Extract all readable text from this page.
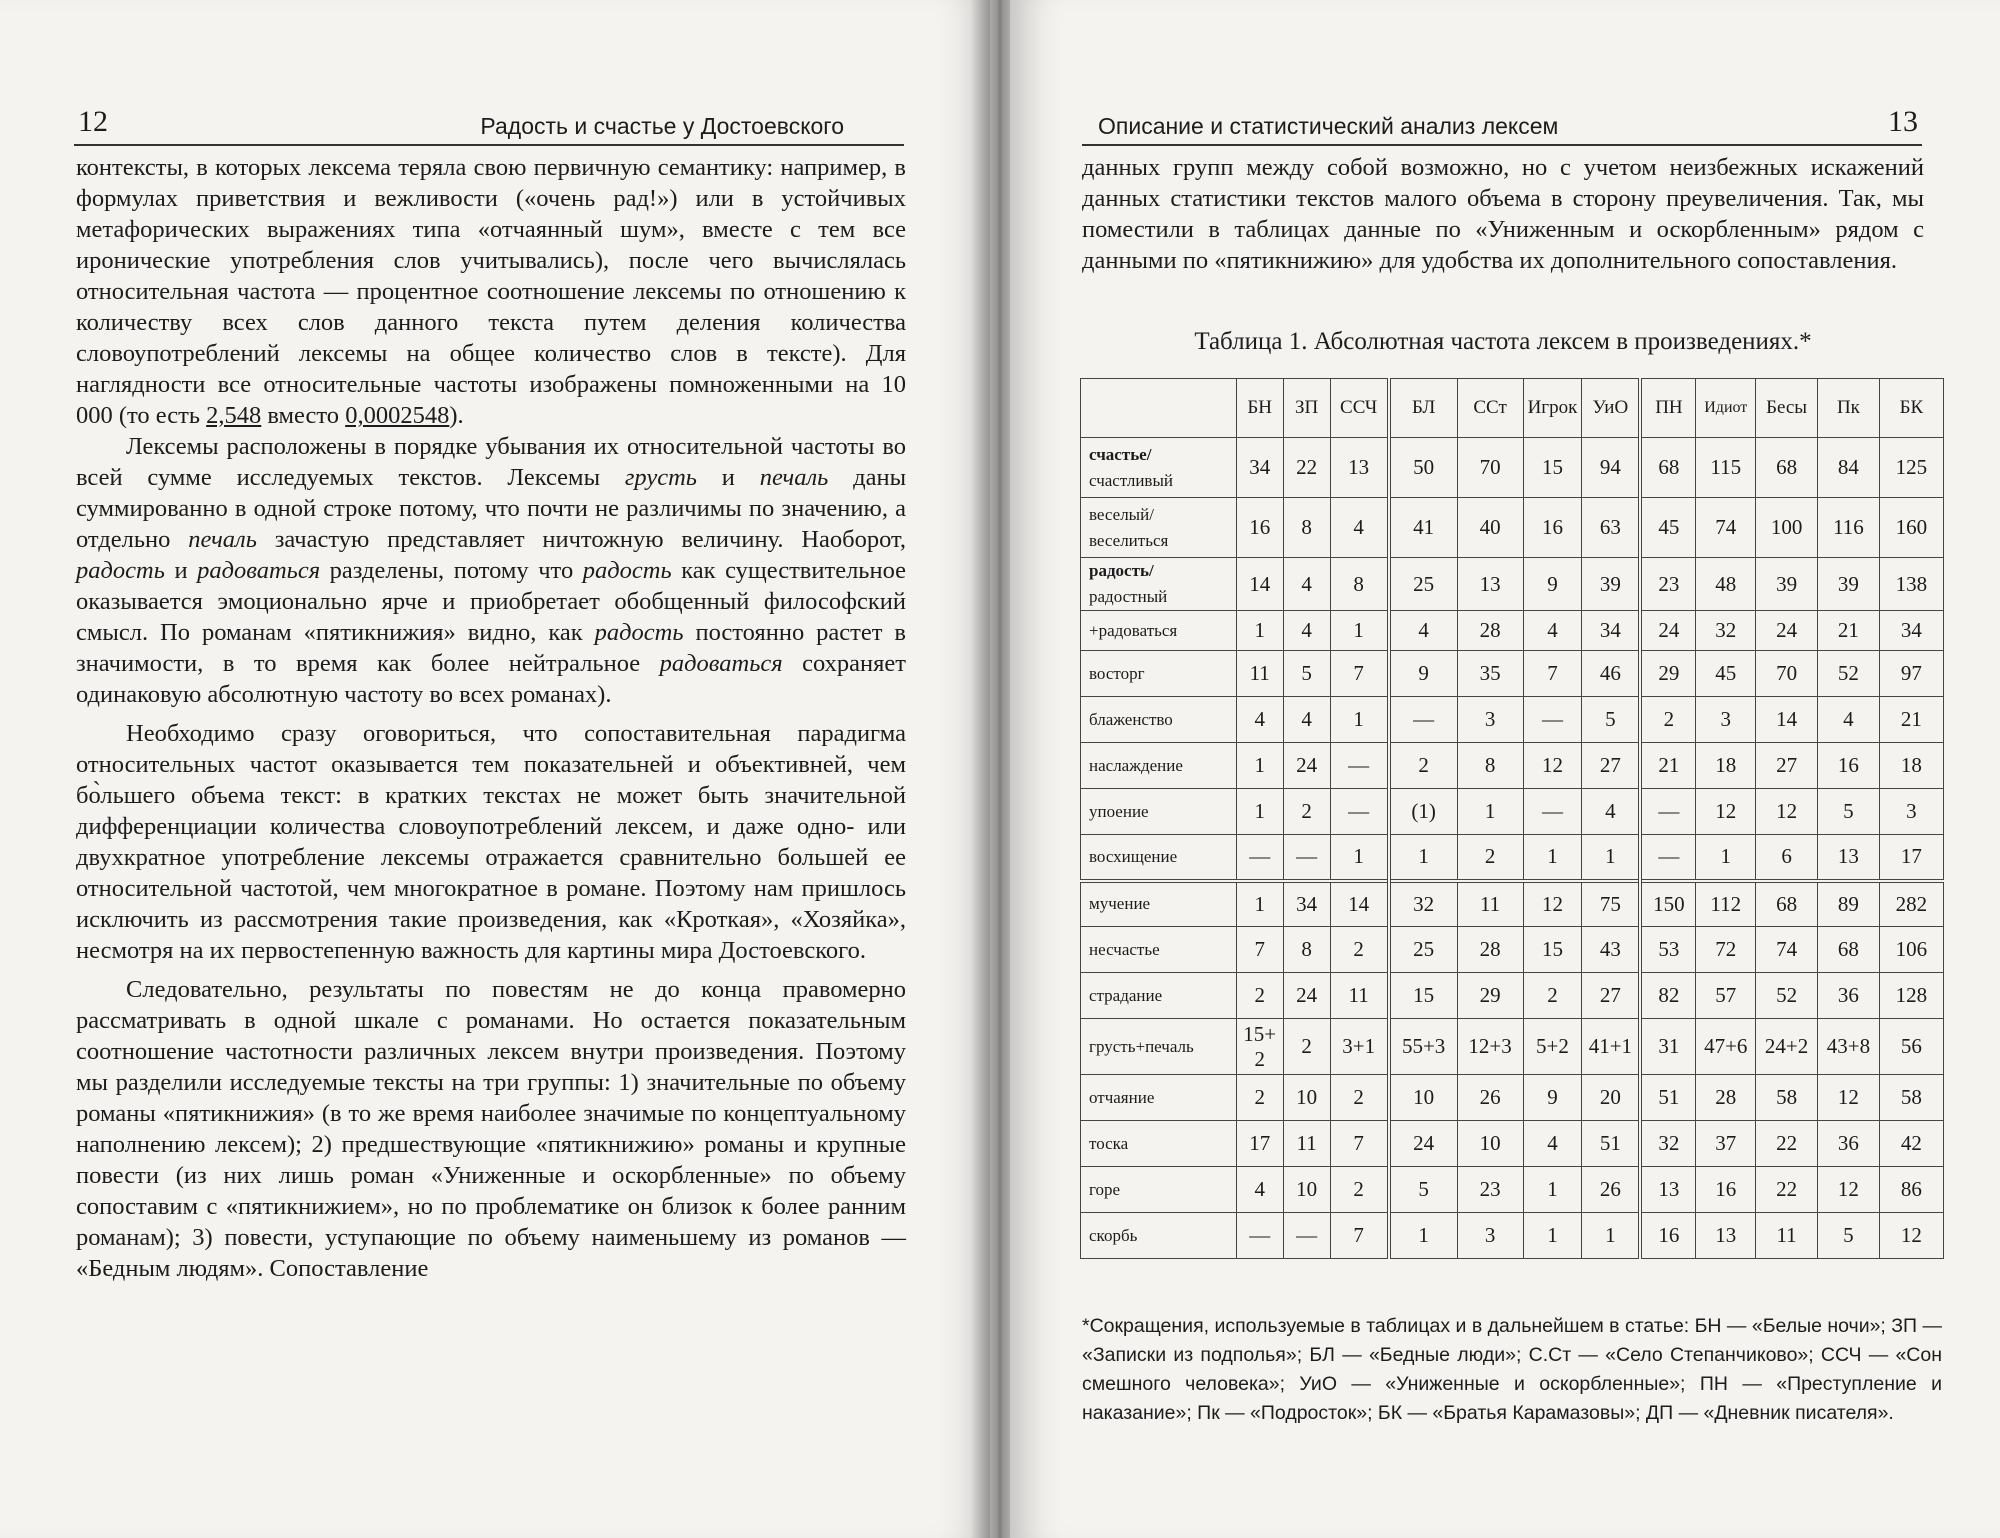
12	Радость и счастье у Достоевского

контексты, в которых лексема теряла свою первичную семантику: например, в формулах приветствия и вежливости («очень рад!») или в устойчивых метафорических выражениях типа «отчаянный шум», вместе с тем все иронические употребления слов учитывались), после чего вычислялась относительная частота — процентное соотношение лексемы по отношению к количеству всех слов данного текста путем деления количества словоупотреблений лексемы на общее количество слов в тексте). Для наглядности все относительные частоты изображены помноженными на 10 000 (то есть 2,548 вместо 0,0002548).

Лексемы расположены в порядке убывания их относительной частоты во всей сумме исследуемых текстов. Лексемы грусть и печаль даны суммированно в одной строке потому, что почти не различимы по значению, а отдельно печаль зачастую представляет ничтожную величину. Наоборот, радость и радоваться разделены, потому что радость как существительное оказывается эмоционально ярче и приобретает обобщенный философский смысл. По романам «пятикнижия» видно, как радость постоянно растет в значимости, в то время как более нейтральное радоваться сохраняет одинаковую абсолютную частоту во всех романах).

Необходимо сразу оговориться, что сопоставительная парадигма относительных частот оказывается тем показательней и объективней, чем бо̀льшего объема текст: в кратких текстах не может быть значительной дифференциации количества словоупотреблений лексем, и даже одно- или двухкратное употребление лексемы отражается сравнительно большей ее относительной частотой, чем многократное в романе. Поэтому нам пришлось исключить из рассмотрения такие произведения, как «Кроткая», «Хозяйка», несмотря на их первостепенную важность для картины мира Достоевского.

Следовательно, результаты по повестям не до конца правомерно рассматривать в одной шкале с романами. Но остается показательным соотношение частотности различных лексем внутри произведения. Поэтому мы разделили исследуемые тексты на три группы: 1) значительные по объему романы «пятикнижия» (в то же время наиболее значимые по концептуальному наполнению лексем); 2) предшествующие «пятикнижию» романы и крупные повести (из них лишь роман «Униженные и оскорбленные» по объему сопоставим с «пятикнижием», но по проблематике он близок к более ранним романам); 3) повести, уступающие по объему наименьшему из романов — «Бедным людям». Сопоставление

Описание и статистический анализ лексем	13

данных групп между собой возможно, но с учетом неизбежных искажений данных статистики текстов малого объема в сторону преувеличения. Так, мы поместили в таблицах данные по «Униженным и оскорбленным» рядом с данными по «пятикнижию» для удобства их дополнительного сопоставления.

Таблица 1. Абсолютная частота лексем в произведениях.*
	БН	ЗП	ССЧ	БЛ	ССт	Игрок	УиО	ПН	Идиот	Бесы	Пк	БК
счастье/
счастливый	34	22	13	50	70	15	94	68	115	68	84	125
веселый/ веселиться	16	8	4	41	40	16	63	45	74	100	116	160
радость/
радостный	14	4	8	25	13	9	39	23	48	39	39	138
+радоваться	1	4	1	4	28	4	34	24	32	24	21	34
восторг	11	5	7	9	35	7	46	29	45	70	52	97
блаженство	4	4	1	—	3	—	5	2	3	14	4	21
наслаждение	1	24	—	2	8	12	27	21	18	27	16	18
упоение	1	2	—	(1)	1	—	4	—	12	12	5	3
восхищение	—	—	1	1	2	1	1	—	1	6	13	17
мучение	1	34	14	32	11	12	75	150	112	68	89	282
несчастье	7	8	2	25	28	15	43	53	72	74	68	106
страдание	2	24	11	15	29	2	27	82	57	52	36	128
грусть+печаль	15+ 2	2	3+1	55+3	12+3	5+2	41+1	31	47+6	24+2	43+8	56
отчаяние	2	10	2	10	26	9	20	51	28	58	12	58
тоска	17	11	7	24	10	4	51	32	37	22	36	42
горе	4	10	2	5	23	1	26	13	16	22	12	86
скорбь	—	—	7	1	3	1	1	16	13	11	5	12
*Сокращения, используемые в таблицах и в дальнейшем в статье: БН — «Белые ночи»; ЗП — «Записки из подполья»; БЛ — «Бедные люди»; С.Ст — «Село Степанчиково»; ССЧ — «Сон смешного человека»; УиО — «Униженные и оскорбленные»; ПН — «Преступление и наказание»; Пк — «Подросток»; БК — «Братья Карамазовы»; ДП — «Дневник писателя».
